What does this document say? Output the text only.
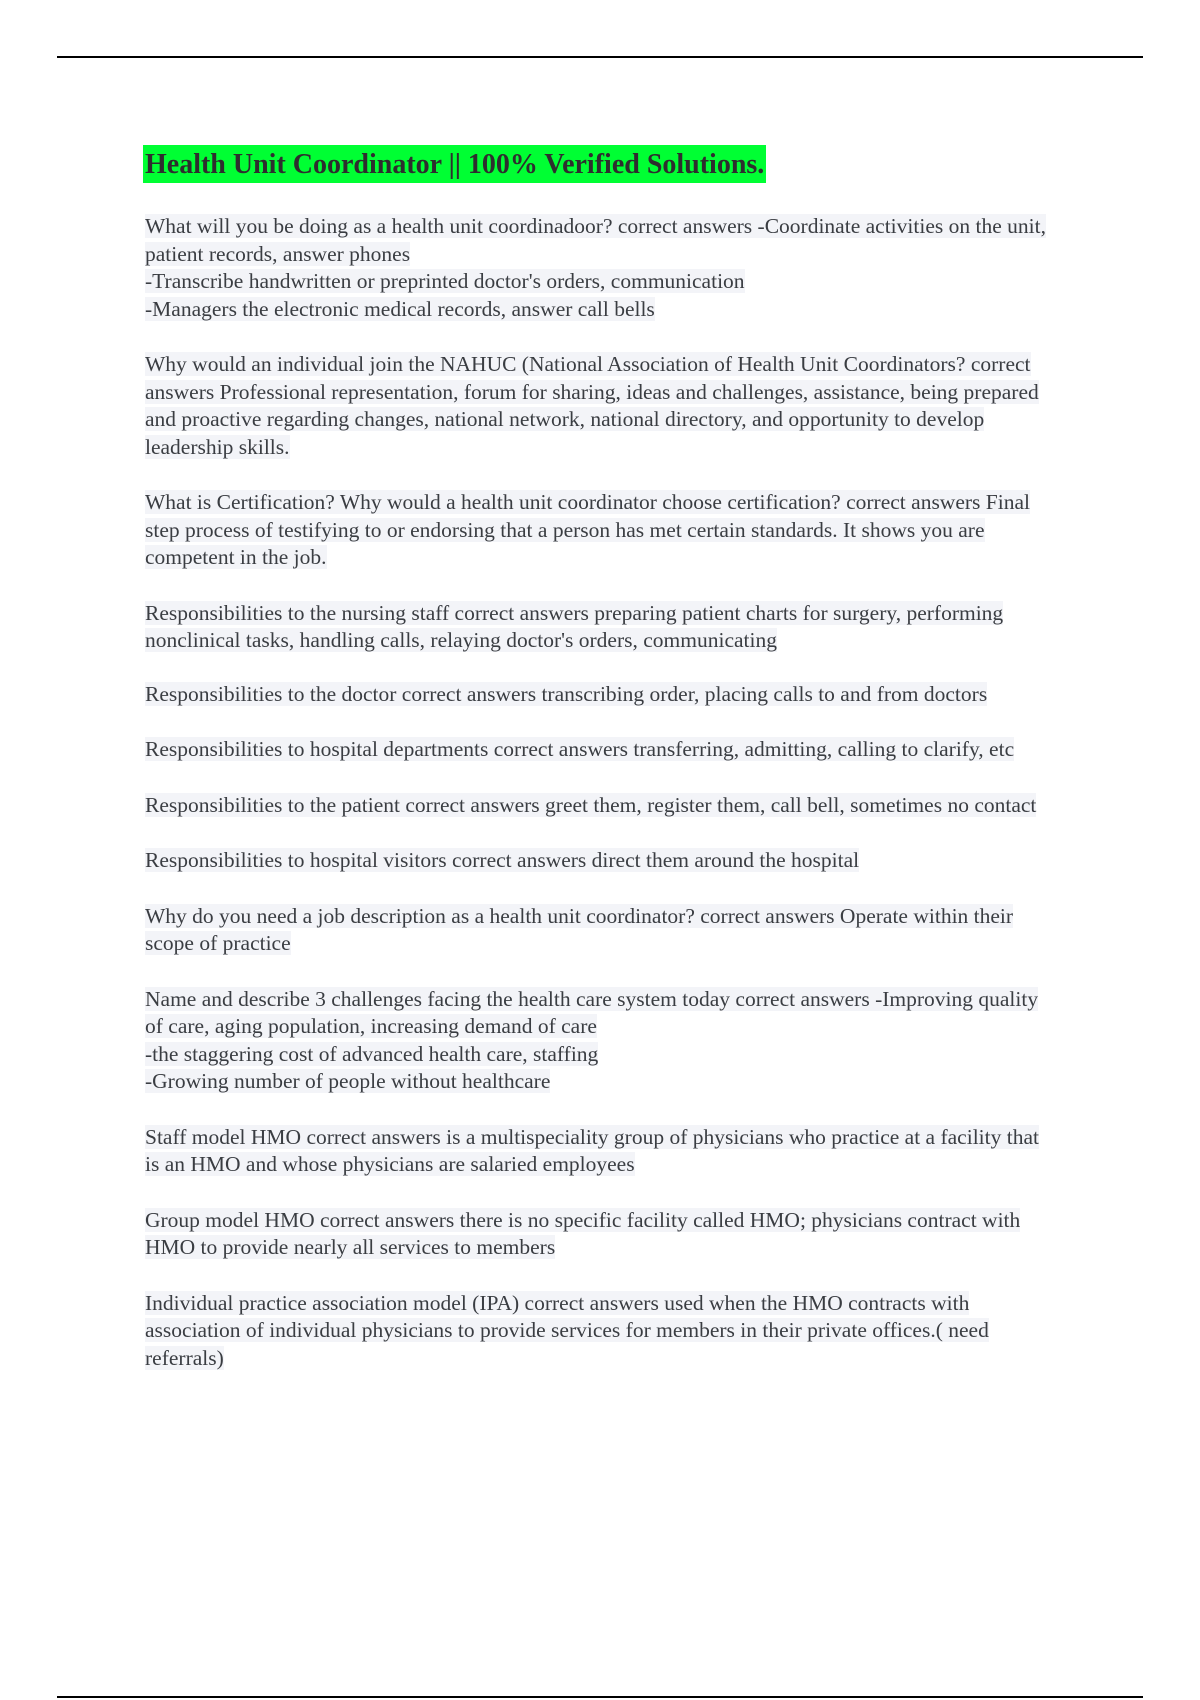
Health Unit Coordinator || 100% Verified Solutions.

What will you be doing as a health unit coordinadoor? correct answers -Coordinate activities on the unit, patient records, answer phones
-Transcribe handwritten or preprinted doctor's orders, communication
-Managers the electronic medical records, answer call bells

Why would an individual join the NAHUC (National Association of Health Unit Coordinators? correct answers Professional representation, forum for sharing, ideas and challenges, assistance, being prepared and proactive regarding changes, national network, national directory, and opportunity to develop leadership skills.

What is Certification? Why would a health unit coordinator choose certification? correct answers Final step process of testifying to or endorsing that a person has met certain standards. It shows you are competent in the job.

Responsibilities to the nursing staff correct answers preparing patient charts for surgery, performing nonclinical tasks, handling calls, relaying doctor's orders, communicating

Responsibilities to the doctor correct answers transcribing order, placing calls to and from doctors

Responsibilities to hospital departments correct answers transferring, admitting, calling to clarify, etc

Responsibilities to the patient correct answers greet them, register them, call bell, sometimes no contact

Responsibilities to hospital visitors correct answers direct them around the hospital

Why do you need a job description as a health unit coordinator? correct answers Operate within their scope of practice

Name and describe 3 challenges facing the health care system today correct answers -Improving quality of care, aging population, increasing demand of care
-the staggering cost of advanced health care, staffing
-Growing number of people without healthcare

Staff model HMO correct answers is a multispeciality group of physicians who practice at a facility that is an HMO and whose physicians are salaried employees

Group model HMO correct answers there is no specific facility called HMO; physicians contract with HMO to provide nearly all services to members

Individual practice association model (IPA) correct answers used when the HMO contracts with association of individual physicians to provide services for members in their private offices.( need referrals)
